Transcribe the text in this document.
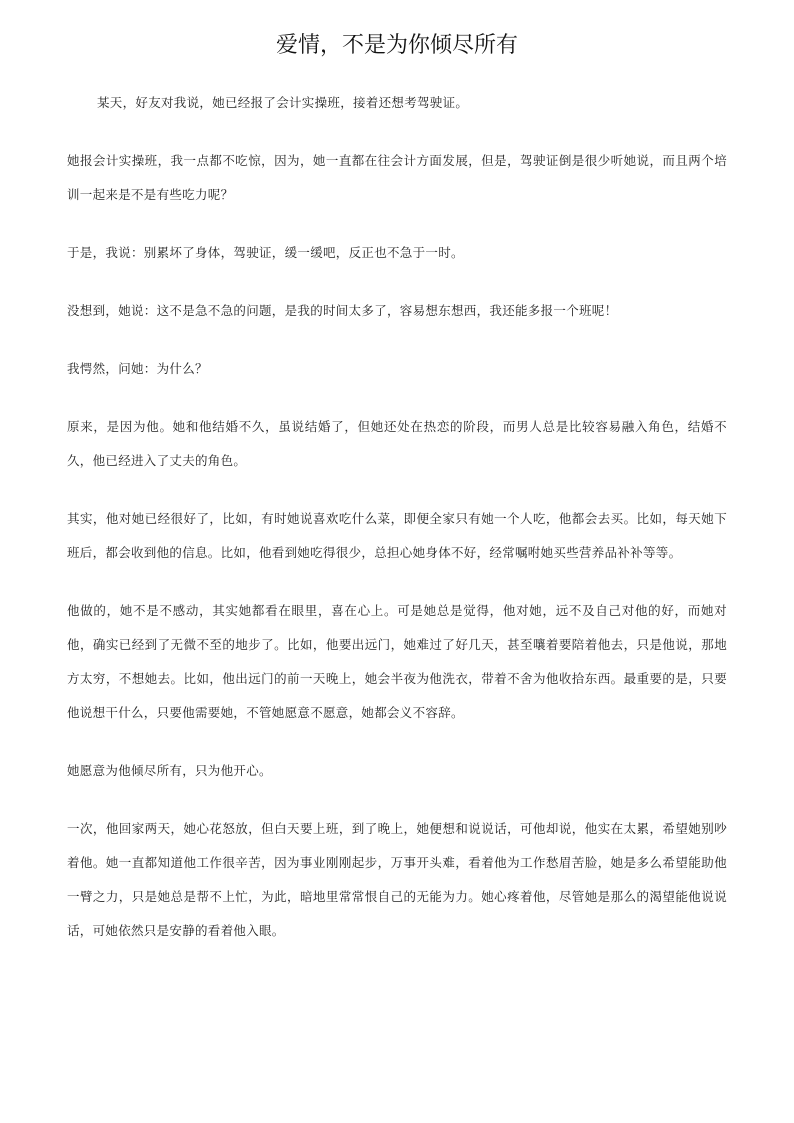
爱情，不是为你倾尽所有

某天，好友对我说，她已经报了会计实操班，接着还想考驾驶证。

她报会计实操班，我一点都不吃惊，因为，她一直都在往会计方面发展，但是，驾驶证倒是很少听她说，而且两个培训一起来是不是有些吃力呢？

于是，我说：别累坏了身体，驾驶证，缓一缓吧，反正也不急于一时。

没想到，她说：这不是急不急的问题，是我的时间太多了，容易想东想西，我还能多报一个班呢！

我愕然，问她：为什么？

原来，是因为他。她和他结婚不久，虽说结婚了，但她还处在热恋的阶段，而男人总是比较容易融入角色，结婚不久，他已经进入了丈夫的角色。

其实，他对她已经很好了，比如，有时她说喜欢吃什么菜，即便全家只有她一个人吃，他都会去买。比如，每天她下班后，都会收到他的信息。比如，他看到她吃得很少，总担心她身体不好，经常嘱咐她买些营养品补补等等。

他做的，她不是不感动，其实她都看在眼里，喜在心上。可是她总是觉得，他对她，远不及自己对他的好，而她对他，确实已经到了无微不至的地步了。比如，他要出远门，她难过了好几天，甚至嚷着要陪着他去，只是他说，那地方太穷，不想她去。比如，他出远门的前一天晚上，她会半夜为他洗衣，带着不舍为他收拾东西。最重要的是，只要他说想干什么，只要他需要她，不管她愿意不愿意，她都会义不容辞。

她愿意为他倾尽所有，只为他开心。

一次，他回家两天，她心花怒放，但白天要上班，到了晚上，她便想和说说话，可他却说，他实在太累，希望她别吵着他。她一直都知道他工作很辛苦，因为事业刚刚起步，万事开头难，看着他为工作愁眉苦脸，她是多么希望能助他一臂之力，只是她总是帮不上忙，为此，暗地里常常恨自己的无能为力。她心疼着他，尽管她是那么的渴望能他说说话，可她依然只是安静的看着他入眼。
